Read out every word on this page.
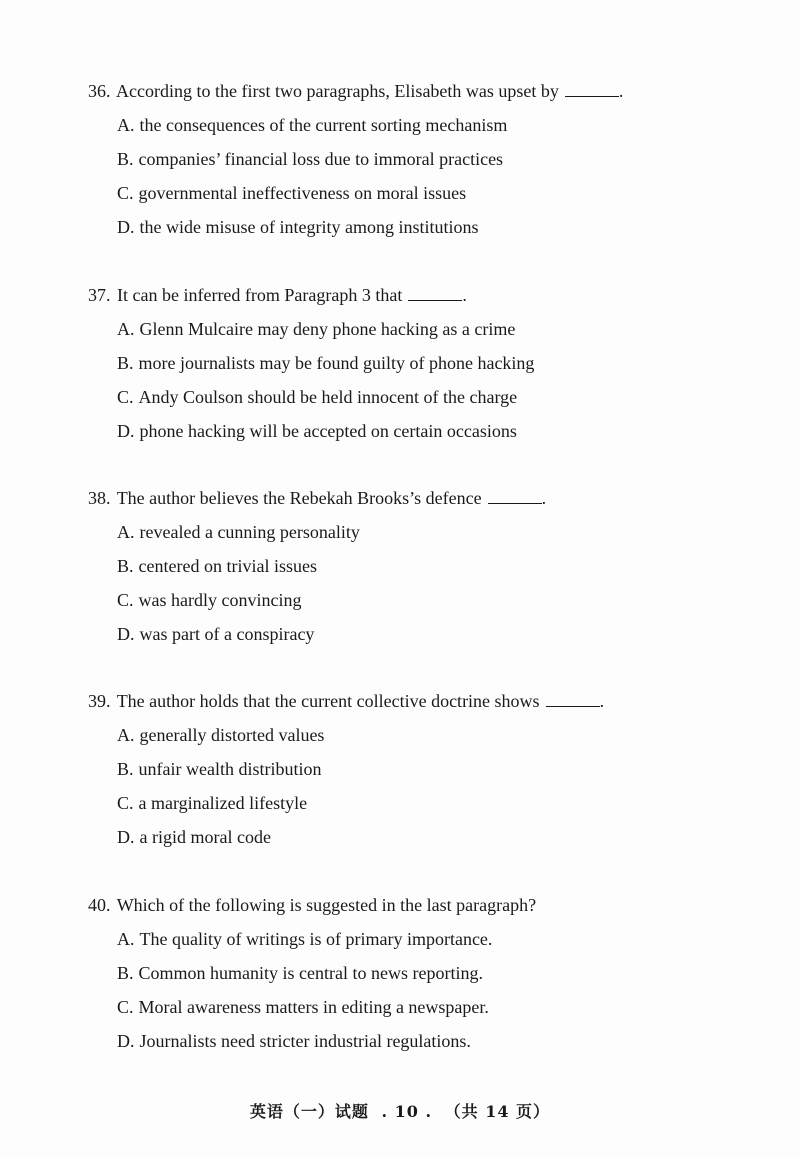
36. According to the first two paragraphs, Elisabeth was upset by	.
A. the consequences of the current sorting mechanism
B. companies’ financial loss due to immoral practices
C. governmental ineffectiveness on moral issues
D. the wide misuse of integrity among institutions
37. It can be inferred from Paragraph 3 that	.
A. Glenn Mulcaire may deny phone hacking as a crime
B. more journalists may be found guilty of phone hacking
C. Andy Coulson should be held innocent of the charge
D. phone hacking will be accepted on certain occasions
38. The author believes the Rebekah Brooks’s defence	.
A. revealed a cunning personality
B. centered on trivial issues
C. was hardly convincing
D. was part of a conspiracy
39. The author holds that the current collective doctrine shows	.
A. generally distorted values
B. unfair wealth distribution
C. a marginalized lifestyle
D. a rigid moral code
40. Which of the following is suggested in the last paragraph?
A. The quality of writings is of primary importance.
B. Common humanity is central to news reporting.
C. Moral awareness matters in editing a newspaper.
D. Journalists need stricter industrial regulations.
英语（一）试题 . 10 . （共 14 页）
